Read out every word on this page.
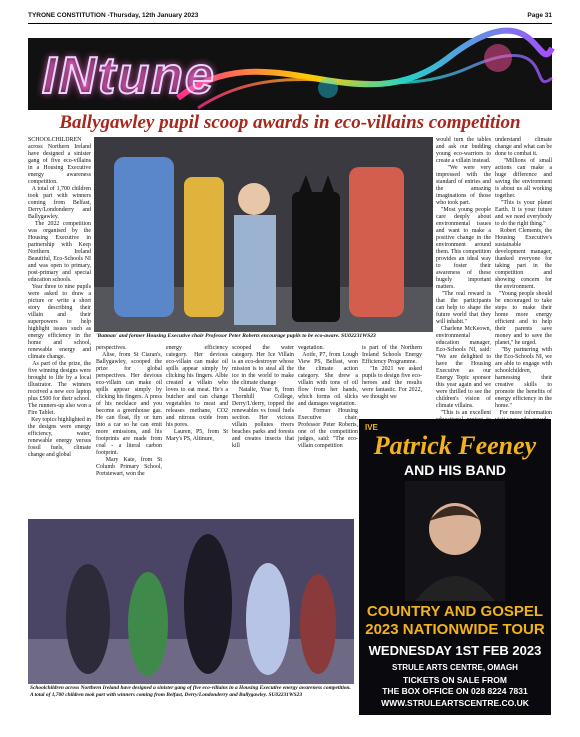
TYRONE CONSTITUTION -Thursday, 12th January 2023	Page 31
INtune
Ballygawley pupil scoop awards in eco-villains competition
SCHOOLCHILDREN across Northern Ireland have designed a sinister gang of five eco-villains in a Housing Executive energy awareness competition.
A total of 1,700 children took part with winners coming from Belfast, Derry/Londonderry and Ballygawley.
The 2022 competition was organised by the Housing Executive in partnership with Keep Northern Ireland Beautiful, Eco-Schools NI and was open to primary, post-primary and special education schools.
Year three to nine pupils were asked to draw a picture or write a short story describing their villain and their superpowers to help highlight issues such as energy efficiency in the home and school, renewable energy and climate change.
As part of the prize, the five winning designs were brought to life by a local illustrator. The winners received a new eco laptop plus £500 for their school. The runners-up also won a Fire Tablet.
Key topics highlighted in the designs were energy efficiency, water, renewable energy versus fossil fuels, climate change and global
'Batman' and former Housing Executive chair Professor Peter Roberts encourage pupils to be eco-aware. SU02231WS23
perspectives.
Alise, from St Ciaran's, Ballygawley, scooped the prize for global perspectives. Her devious eco-villain can make oil spills appear simply by clicking his fingers. A press of his necklace and you become a greenhouse gas. He can float, fly or turn into a car so he can emit more emissions, and his footprints are made from coal - a literal carbon footprint.
Mary Kate, from St Columb Primary School, Portstewart, won the
energy efficiency category. Her devious eco-villain can make oil spills appear simply by clicking his fingers. Albie created a villain who loves to eat meat. He's a butcher and can change vegetables to meat and releases methane, CO2 and nitrous oxide from his pores.
Lauren, P5, from St Mary's PS, Altinure,
scooped the water category. Her Ice Villain is an eco-destroyer whose mission is to steal all the ice in the world to make the climate change
Natalie, Year 8, from Thornhill College, Derry/L'derry, topped the renewables vs fossil fuels section. Her vicious villain pollutes rivers beaches parks and forests and creates insects that kill
vegetation.
Aoife, P7, from Lough View PS, Belfast, won the climate action category. She drew a villain with tons of oil flow from her hands, which forms oil slicks and damages vegetation.
Former Housing Executive chair, Professor Peter Roberts, one of the competition judges, said: "The eco-villain competition
is part of the Northern Ireland Schools Energy Efficiency Programme.
"In 2021 we asked pupils to design five eco-heroes and the results were fantastic. For 2022, we thought we
would turn the tables and ask our budding young eco-warriors to create a villain instead.
"We were very impressed with the standard of entries and the amazing imaginations of those who took part.
"Most young people care deeply about environmental issues and want to make a positive change in the environment around them. This competition provides an ideal way to foster their awareness of these hugely important matters.
"The real reward is that the participants can help to shape the future world that they will inhabit."
Charlene McKeown, environmental education manager, Eco-Schools NI, said: "We are delighted to have the Housing Executive as our Energy Topic sponsor this year again and we were thrilled to see the children's vision of climate villains.
"This is an excellent
understand climate change and what can be done to combat it.
"Millions of small actions can make a huge difference and saving the environment is about us all working together.
"This is your planet Earth. It is your future and we need everybody to do the right thing."
Robert Clements, the Housing Executive's sustainable development manager, thanked everyone for taking part in the competition and showing concern for the environment.
"Young people should be encouraged to take steps to make their home more energy efficient and to help their parents save money and to save the planet," he urged.
"By partnering with the Eco-Schools NI, we are able to engage with schoolchildren, harnessing their creative skills to promote the benefits of energy efficiency in the home."
For more information
Schoolchildren across Northern Ireland have designed a sinister gang of five eco-villains in a Housing Executive energy awareness competition. A total of 1,700 children took part with winners coming from Belfast, Derry/Londonderry and Ballygawley. SU02231WS23
IVE
Patrick Feeney
AND HIS BAND
COUNTRY AND GOSPEL
2023 NATIONWIDE TOUR
WEDNESDAY 1ST FEB 2023
STRULE ARTS CENTRE, OMAGH
TICKETS ON SALE FROM
THE BOX OFFICE ON 028 8224 7831
WWW.STRULEARTSCENTRE.CO.UK
